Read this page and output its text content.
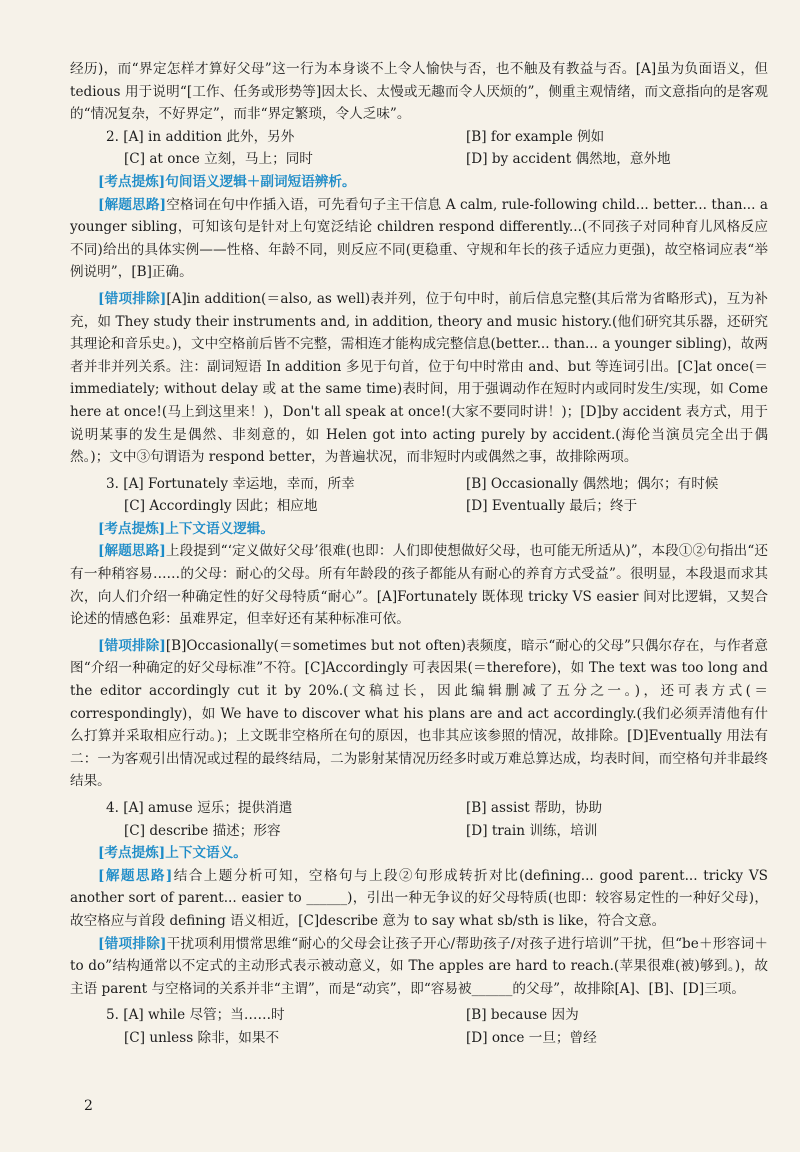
经历)，而“界定怎样才算好父母”这一行为本身谈不上令人愉快与否，也不触及有教益与否。[A]虽为负面语义，但 tedious 用于说明“[工作、任务或形势等]因太长、太慢或无趣而令人厌烦的”，侧重主观情绪，而文意指向的是客观的“情况复杂，不好界定”，而非“界定繁琐，令人乏味”。

2. [A] in addition 此外，另外	[B] for example 例如
[C] at once 立刻，马上；同时	[D] by accident 偶然地，意外地

[考点提炼]句间语义逻辑＋副词短语辨析。

[解题思路]空格词在句中作插入语，可先看句子主干信息 A calm, rule-following child... better... than... a younger sibling，可知该句是针对上句宽泛结论 children respond differently...(不同孩子对同种育儿风格反应不同)给出的具体实例——性格、年龄不同，则反应不同(更稳重、守规和年长的孩子适应力更强)，故空格词应表“举例说明”，[B]正确。

[错项排除][A]in addition(＝also, as well)表并列，位于句中时，前后信息完整(其后常为省略形式)，互为补充，如 They study their instruments and, in addition, theory and music history.(他们研究其乐器，还研究其理论和音乐史。)，文中空格前后皆不完整，需相连才能构成完整信息(better... than... a younger sibling)，故两者并非并列关系。注：副词短语 In addition 多见于句首，位于句中时常由 and、but 等连词引出。[C]at once(＝immediately; without delay 或 at the same time)表时间，用于强调动作在短时内或同时发生/实现，如 Come here at once!(马上到这里来！)，Don't all speak at once!(大家不要同时讲！)；[D]by accident 表方式，用于说明某事的发生是偶然、非刻意的，如 Helen got into acting purely by accident.(海伦当演员完全出于偶然。)；文中③句谓语为 respond better，为普遍状况，而非短时内或偶然之事，故排除两项。

3. [A] Fortunately 幸运地，幸而，所幸	[B] Occasionally 偶然地；偶尔；有时候
[C] Accordingly 因此；相应地	[D] Eventually 最后；终于

[考点提炼]上下文语义逻辑。

[解题思路]上段提到“‘定义做好父母’很难(也即：人们即使想做好父母，也可能无所适从)”，本段①②句指出“还有一种稍容易……的父母：耐心的父母。所有年龄段的孩子都能从有耐心的养育方式受益”。很明显，本段退而求其次，向人们介绍一种确定性的好父母特质“耐心”。[A]Fortunately 既体现 tricky VS easier 间对比逻辑，又契合论述的情感色彩：虽难界定，但幸好还有某种标准可依。

[错项排除][B]Occasionally(＝sometimes but not often)表频度，暗示“耐心的父母”只偶尔存在，与作者意图“介绍一种确定的好父母标准”不符。[C]Accordingly 可表因果(＝therefore)，如 The text was too long and the editor accordingly cut it by 20%.(文稿过长，因此编辑删减了五分之一。)，还可表方式(＝correspondingly)，如 We have to discover what his plans are and act accordingly.(我们必须弄清他有什么打算并采取相应行动。)；上文既非空格所在句的原因，也非其应该参照的情况，故排除。[D]Eventually 用法有二：一为客观引出情况或过程的最终结局，二为影射某情况历经多时或万难总算达成，均表时间，而空格句并非最终结果。

4. [A] amuse 逗乐；提供消遣	[B] assist 帮助，协助
[C] describe 描述；形容	[D] train 训练，培训

[考点提炼]上下文语义。

[解题思路]结合上题分析可知，空格句与上段②句形成转折对比(defining... good parent... tricky VS another sort of parent... easier to ______)，引出一种无争议的好父母特质(也即：较容易定性的一种好父母)，故空格应与首段 defining 语义相近，[C]describe 意为 to say what sb/sth is like，符合文意。

[错项排除]干扰项利用惯常思维“耐心的父母会让孩子开心/帮助孩子/对孩子进行培训”干扰，但“be＋形容词＋to do”结构通常以不定式的主动形式表示被动意义，如 The apples are hard to reach.(苹果很难(被)够到。)，故主语 parent 与空格词的关系并非“主谓”，而是“动宾”，即“容易被______的父母”，故排除[A]、[B]、[D]三项。

5. [A] while 尽管；当……时	[B] because 因为
[C] unless 除非，如果不	[D] once 一旦；曾经
2
